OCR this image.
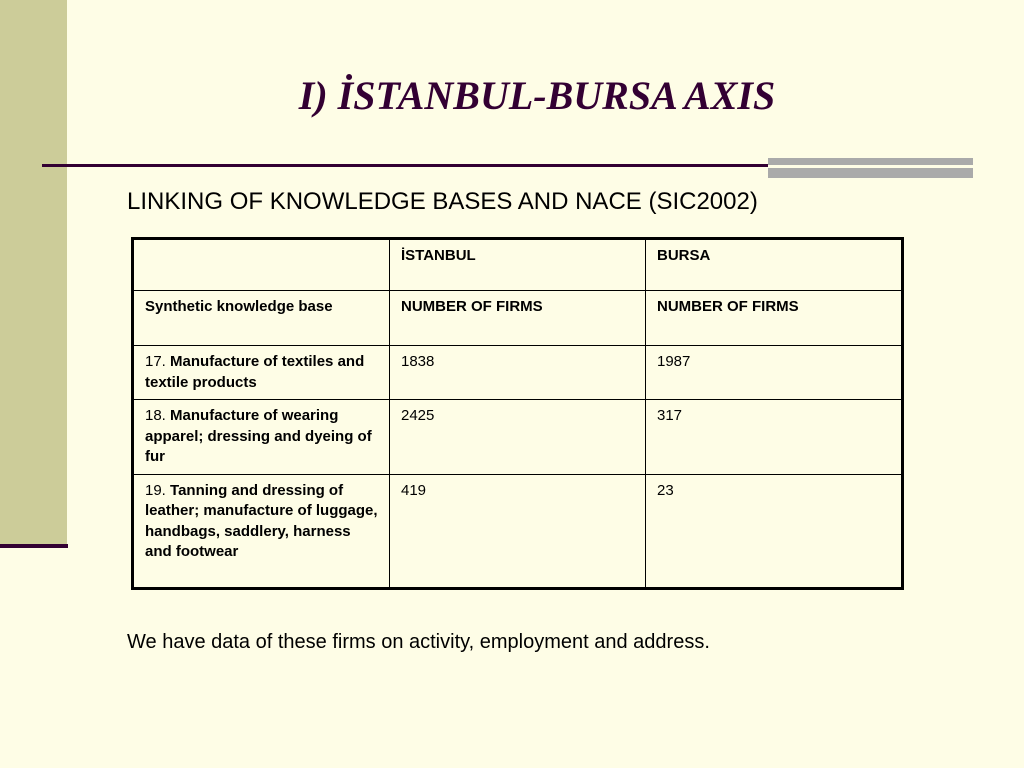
I) İSTANBUL-BURSA AXIS
LINKING OF KNOWLEDGE BASES AND NACE (SIC2002)
	İSTANBUL	BURSA
Synthetic knowledge base	NUMBER OF FIRMS	NUMBER OF FIRMS
17. Manufacture of textiles and textile products	1838	1987
18. Manufacture of wearing apparel; dressing and dyeing of fur	2425	317
19. Tanning and dressing of leather; manufacture of luggage, handbags, saddlery, harness and footwear	419	23
We have data of these firms on activity, employment and address.
